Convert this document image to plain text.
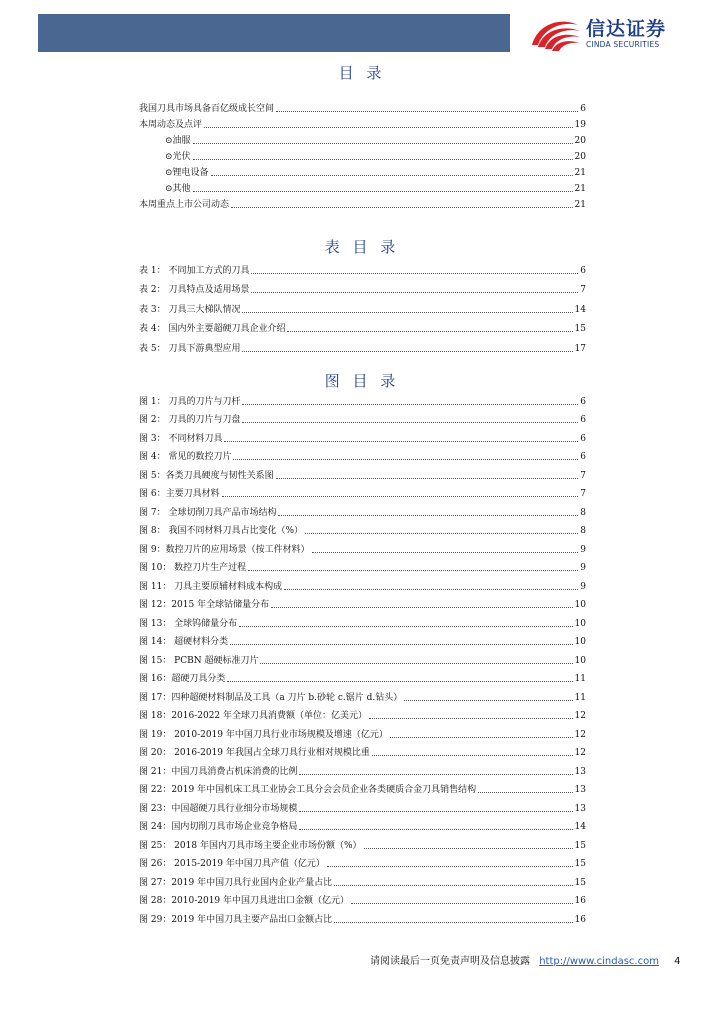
信达证券
CINDA SECURITIES
目 录
我国刀具市场具备百亿级成长空间	6
本周动态及点评	19
⊙油服	20
⊙光伏	20
⊙锂电设备	21
⊙其他	21
本周重点上市公司动态	21
表 目 录
表 1： 不同加工方式的刀具	6
表 2： 刀具特点及适用场景	7
表 3： 刀具三大梯队情况	14
表 4： 国内外主要超硬刀具企业介绍	15
表 5： 刀具下游典型应用	17
图 目 录
图 1： 刀具的刀片与刀杆	6
图 2： 刀具的刀片与刀盘	6
图 3： 不同材料刀具	6
图 4： 常见的数控刀片	6
图 5：各类刀具硬度与韧性关系图	7
图 6：主要刀具材料	7
图 7： 全球切削刀具产品市场结构	8
图 8： 我国不同材料刀具占比变化（%）	8
图 9：数控刀片的应用场景（按工件材料）	9
图 10： 数控刀片生产过程	9
图 11： 刀具主要原辅材料成本构成	9
图 12：2015 年全球钴储量分布	10
图 13： 全球钨储量分布	10
图 14： 超硬材料分类	10
图 15： PCBN 超硬标准刀片	10
图 16：超硬刀具分类	11
图 17：四种超硬材料制品及工具（a 刀片 b.砂轮 c.锯片 d.钻头）	11
图 18：2016-2022 年全球刀具消费额（单位：亿美元）	12
图 19： 2010-2019 年中国刀具行业市场规模及增速（亿元）	12
图 20： 2016-2019 年我国占全球刀具行业相对规模比重	12
图 21：中国刀具消费占机床消费的比例	13
图 22：2019 年中国机床工具工业协会工具分会会员企业各类硬质合金刀具销售结构	13
图 23：中国超硬刀具行业细分市场规模	13
图 24：国内切削刀具市场企业竞争格局	14
图 25： 2018 年国内刀具市场主要企业市场份额（%）	15
图 26： 2015-2019 年中国刀具产值（亿元）	15
图 27：2019 年中国刀具行业国内企业产量占比	15
图 28：2010-2019 年中国刀具进出口金额（亿元）	16
图 29：2019 年中国刀具主要产品出口金额占比	16
请阅读最后一页免责声明及信息披露 http://www.cindasc.com 4
